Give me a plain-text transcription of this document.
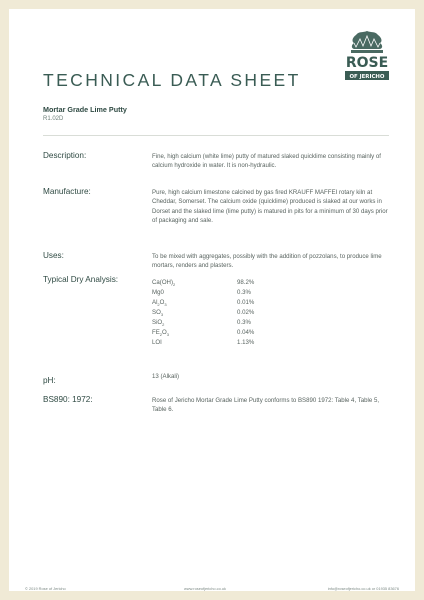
ROSE
OF JERICHO
TECHNICAL DATA SHEET
Mortar Grade Lime Putty
R1.02D
Description:	Fine, high calcium (white lime) putty of matured slaked quicklime consisting mainly of calcium hydroxide in water. It is non-hydraulic.
Manufacture:	Pure, high calcium limestone calcined by gas fired KRAUFF MAFFEI rotary kiln at Cheddar, Somerset. The calcium oxide (quicklime) produced is slaked at our works in Dorset and the slaked lime (lime putty) is matured in pits for a minimum of 30 days prior of packaging and sale.
Uses:	To be mixed with aggregates, possibly with the addition of pozzolans, to produce lime mortars, renders and plasters.
Typical Dry Analysis:	$Ca(OH)_2$	98.2%
Mg0	0.3%
$Al_2O_3$	0.01%
$SO_3$	0.02%
SiO$_2$	0.3%
$FE_2O_3$	0.04%
LOI	1.13%
pH:	13 (Alkali)
BS890: 1972:	Rose of Jericho Mortar Grade Lime Putty conforms to BS890 1972: Table 4, Table 5, Table 6.
© 2019 Rose of Jericho	www.roseofjericho.co.uk	info@roseofjericho.co.uk or 01935 83676
